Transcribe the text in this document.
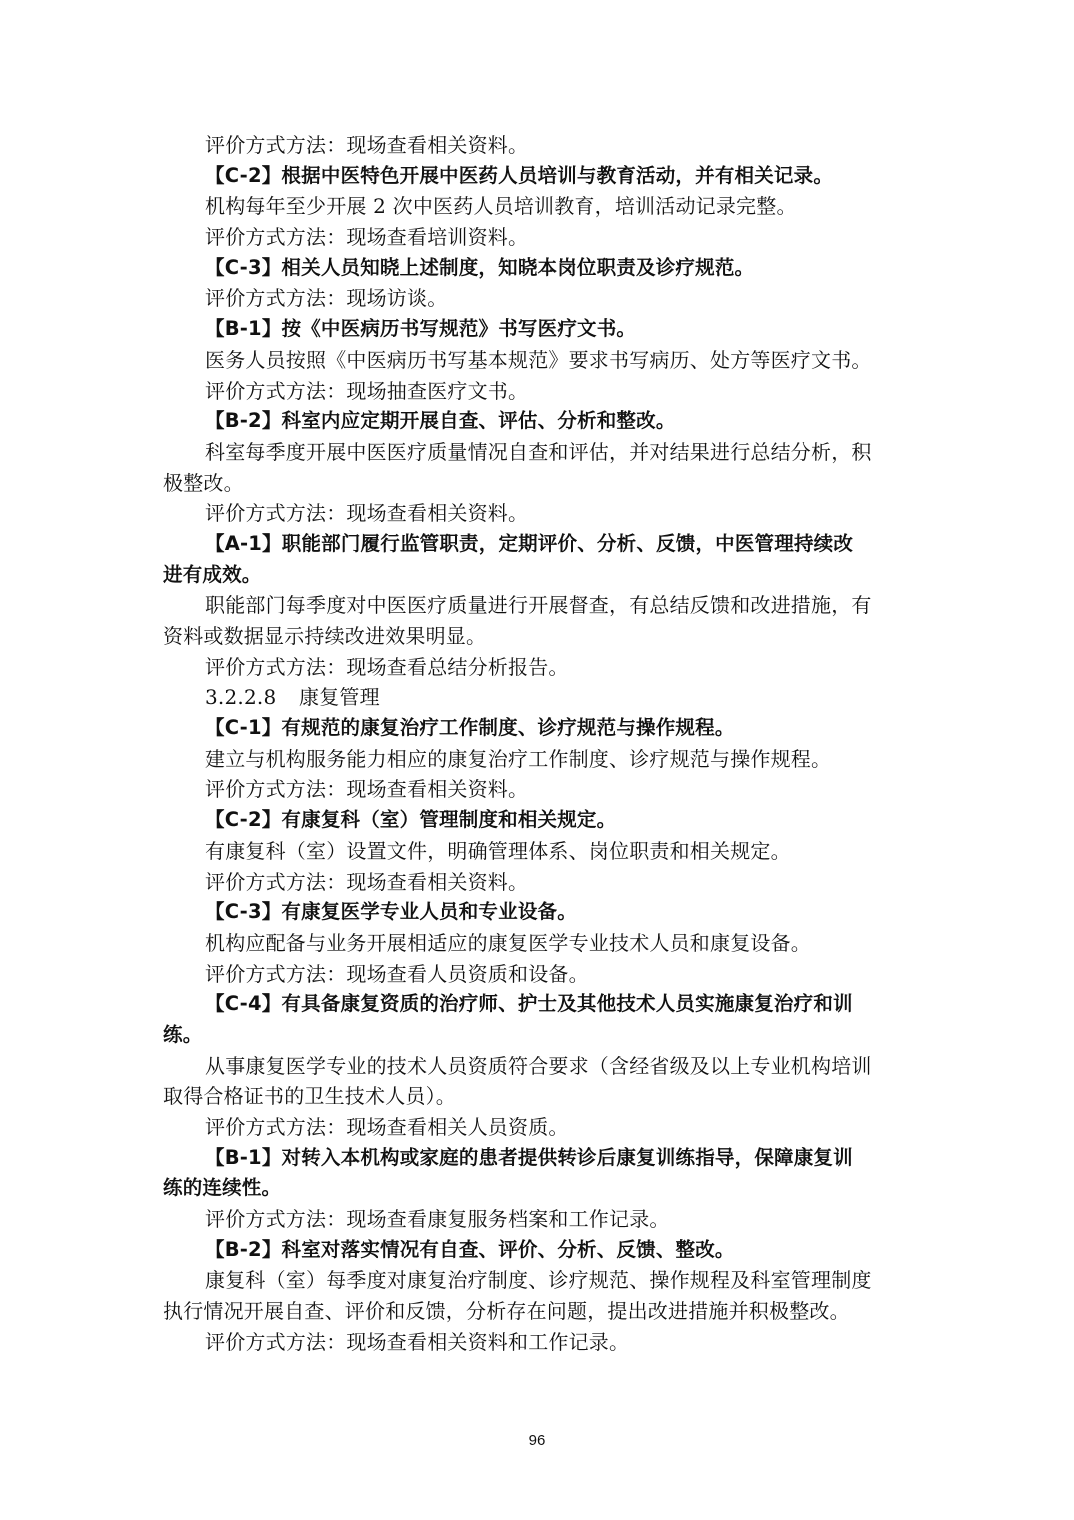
评价方式方法：现场查看相关资料。
【C-2】根据中医特色开展中医药人员培训与教育活动，并有相关记录。
机构每年至少开展 2 次中医药人员培训教育，培训活动记录完整。
评价方式方法：现场查看培训资料。
【C-3】相关人员知晓上述制度，知晓本岗位职责及诊疗规范。
评价方式方法：现场访谈。
【B-1】按《中医病历书写规范》书写医疗文书。
医务人员按照《中医病历书写基本规范》要求书写病历、处方等医疗文书。
评价方式方法：现场抽查医疗文书。
【B-2】科室内应定期开展自查、评估、分析和整改。
科室每季度开展中医医疗质量情况自查和评估，并对结果进行总结分析，积
极整改。
评价方式方法：现场查看相关资料。
【A-1】职能部门履行监管职责，定期评价、分析、反馈，中医管理持续改
进有成效。
职能部门每季度对中医医疗质量进行开展督查，有总结反馈和改进措施，有
资料或数据显示持续改进效果明显。
评价方式方法：现场查看总结分析报告。
3.2.2.8 康复管理
【C-1】有规范的康复治疗工作制度、诊疗规范与操作规程。
建立与机构服务能力相应的康复治疗工作制度、诊疗规范与操作规程。
评价方式方法：现场查看相关资料。
【C-2】有康复科（室）管理制度和相关规定。
有康复科（室）设置文件，明确管理体系、岗位职责和相关规定。
评价方式方法：现场查看相关资料。
【C-3】有康复医学专业人员和专业设备。
机构应配备与业务开展相适应的康复医学专业技术人员和康复设备。
评价方式方法：现场查看人员资质和设备。
【C-4】有具备康复资质的治疗师、护士及其他技术人员实施康复治疗和训
练。
从事康复医学专业的技术人员资质符合要求（含经省级及以上专业机构培训
取得合格证书的卫生技术人员）。
评价方式方法：现场查看相关人员资质。
【B-1】对转入本机构或家庭的患者提供转诊后康复训练指导，保障康复训
练的连续性。
评价方式方法：现场查看康复服务档案和工作记录。
【B-2】科室对落实情况有自查、评价、分析、反馈、整改。
康复科（室）每季度对康复治疗制度、诊疗规范、操作规程及科室管理制度
执行情况开展自查、评价和反馈，分析存在问题，提出改进措施并积极整改。
评价方式方法：现场查看相关资料和工作记录。
96
